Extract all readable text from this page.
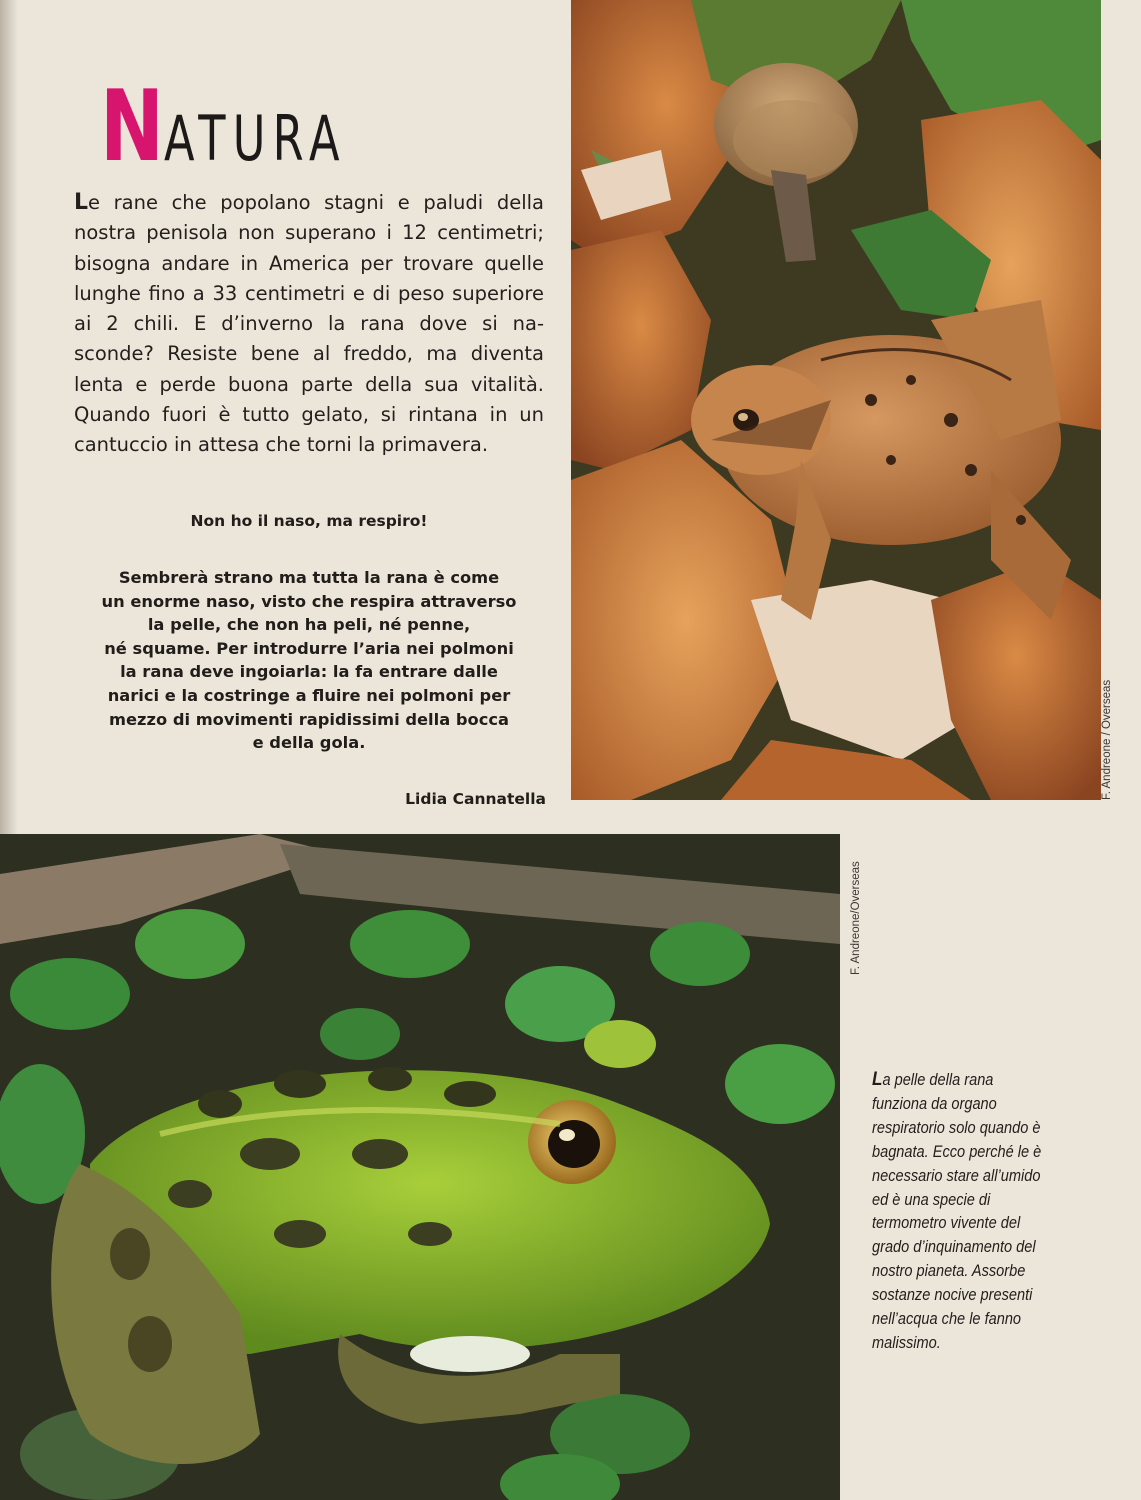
NATURA

Le rane che popolano stagni e paludi della nostra penisola non superano i 12 centimetri; bisogna andare in America per trovare quelle lunghe fino a 33 centimetri e di peso superiore ai 2 chili. E d’inverno la rana dove si na-sconde? Resiste bene al freddo, ma diventa lenta e perde buona parte della sua vitalità. Quando fuori è tutto gelato, si rintana in un cantuccio in attesa che torni la primavera.

Non ho il naso, ma respiro!

Sembrerà strano ma tutta la rana è come
un enorme naso, visto che respira attraverso
la pelle, che non ha peli, né penne,
né squame. Per introdurre l’aria nei polmoni
la rana deve ingoiarla: la fa entrare dalle
narici e la costringe a fluire nei polmoni per
mezzo di movimenti rapidissimi della bocca
e della gola.

Lidia Cannatella	F. Andreone / Overseas
F. Andreone/Overseas

La pelle della rana
funziona da organo
respiratorio solo quando è
bagnata. Ecco perché le è
necessario stare all’umido
ed è una specie di
termometro vivente del
grado d’inquinamento del
nostro pianeta. Assorbe
sostanze nocive presenti
nell’acqua che le fanno
malissimo.
